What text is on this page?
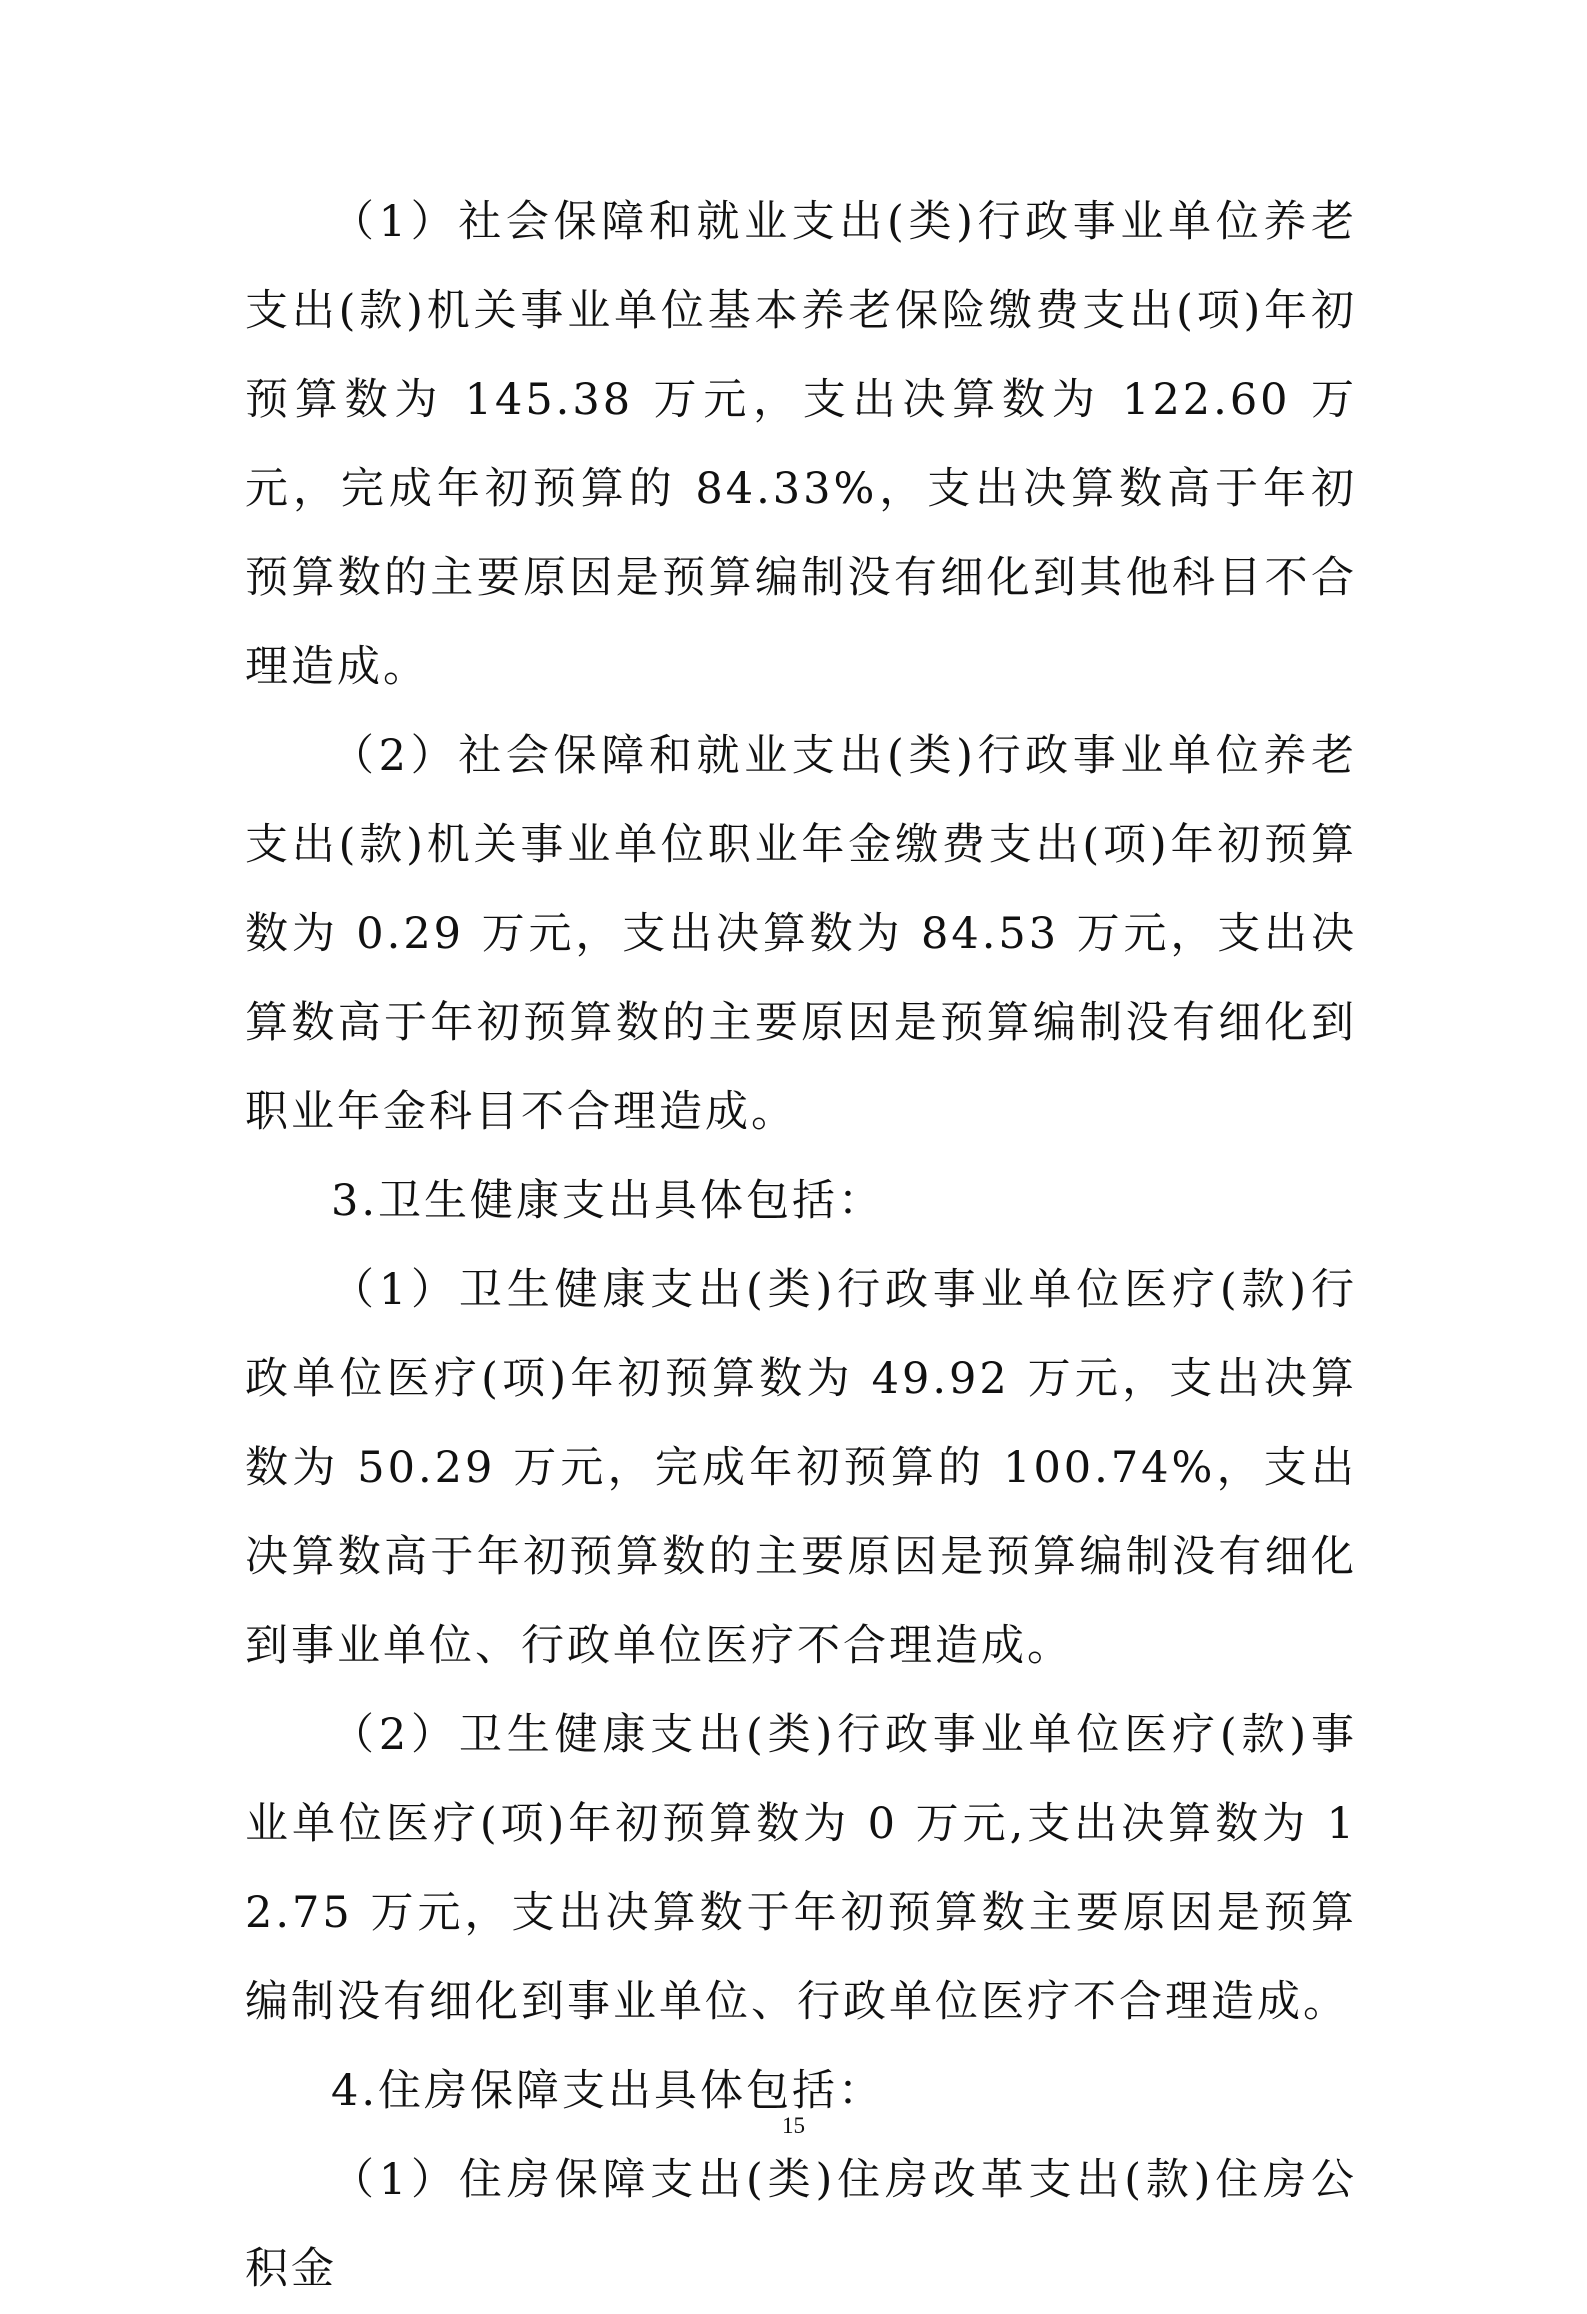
（1）社会保障和就业支出(类)行政事业单位养老支出(款)机关事业单位基本养老保险缴费支出(项)年初预算数为 145.38 万元，支出决算数为 122.60 万元，完成年初预算的 84.33%，支出决算数高于年初预算数的主要原因是预算编制没有细化到其他科目不合理造成。

（2）社会保障和就业支出(类)行政事业单位养老支出(款)机关事业单位职业年金缴费支出(项)年初预算数为 0.29 万元，支出决算数为 84.53 万元，支出决算数高于年初预算数的主要原因是预算编制没有细化到职业年金科目不合理造成。

3.卫生健康支出具体包括：

（1）卫生健康支出(类)行政事业单位医疗(款)行政单位医疗(项)年初预算数为 49.92 万元，支出决算数为 50.29 万元，完成年初预算的 100.74%，支出决算数高于年初预算数的主要原因是预算编制没有细化到事业单位、行政单位医疗不合理造成。

（2）卫生健康支出(类)行政事业单位医疗(款)事业单位医疗(项)年初预算数为 0 万元,支出决算数为 12.75 万元，支出决算数于年初预算数主要原因是预算编制没有细化到事业单位、行政单位医疗不合理造成。

4.住房保障支出具体包括：

（1）住房保障支出(类)住房改革支出(款)住房公积金

15
